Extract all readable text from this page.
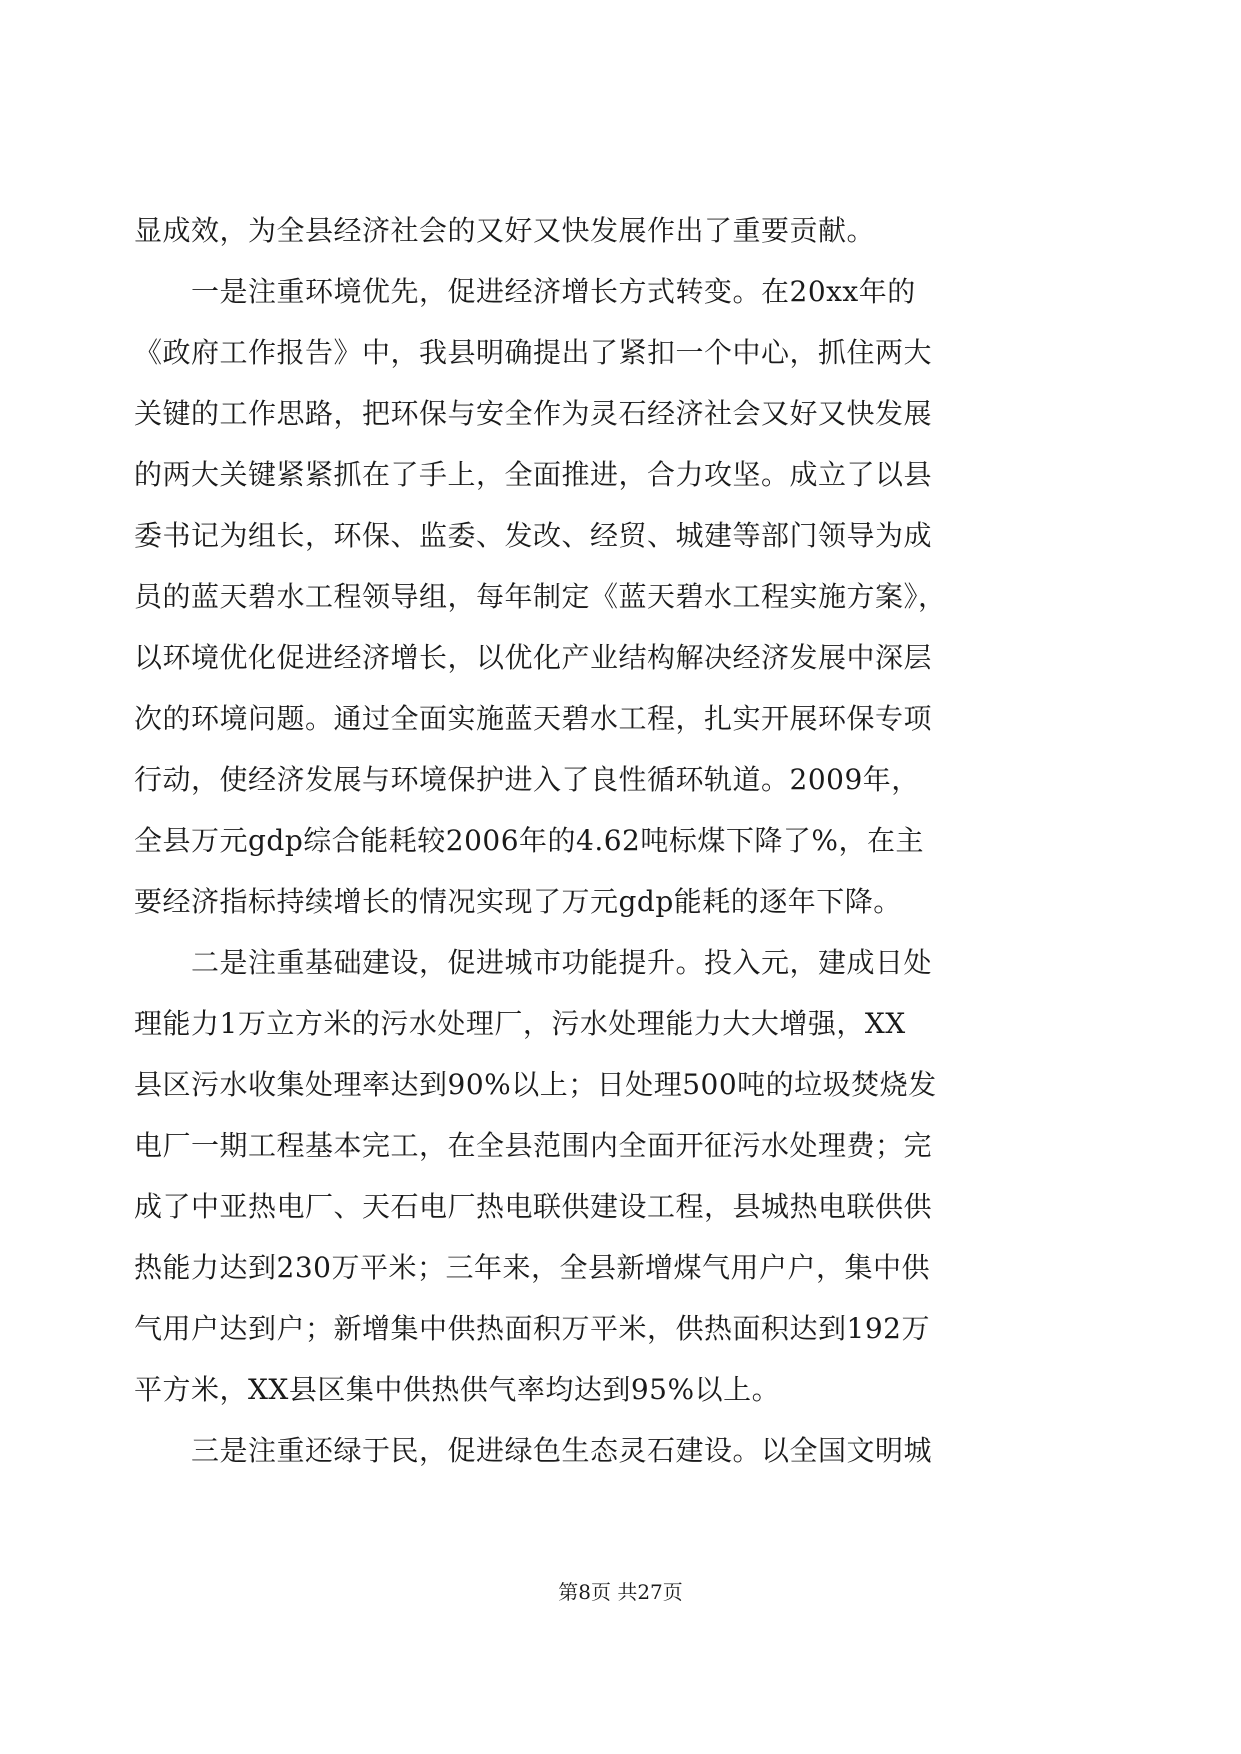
显成效，为全县经济社会的又好又快发展作出了重要贡献。
　　一是注重环境优先，促进经济增长方式转变。在20xx年的
《政府工作报告》中，我县明确提出了紧扣一个中心，抓住两大
关键的工作思路，把环保与安全作为灵石经济社会又好又快发展
的两大关键紧紧抓在了手上，全面推进，合力攻坚。成立了以县
委书记为组长，环保、监委、发改、经贸、城建等部门领导为成
员的蓝天碧水工程领导组，每年制定《蓝天碧水工程实施方案》，
以环境优化促进经济增长，以优化产业结构解决经济发展中深层
次的环境问题。通过全面实施蓝天碧水工程，扎实开展环保专项
行动，使经济发展与环境保护进入了良性循环轨道。2009年，
全县万元gdp综合能耗较2006年的4.62吨标煤下降了%，在主
要经济指标持续增长的情况实现了万元gdp能耗的逐年下降。
　　二是注重基础建设，促进城市功能提升。投入元，建成日处
理能力1万立方米的污水处理厂，污水处理能力大大增强，XX
县区污水收集处理率达到90%以上；日处理500吨的垃圾焚烧发
电厂一期工程基本完工，在全县范围内全面开征污水处理费；完
成了中亚热电厂、天石电厂热电联供建设工程，县城热电联供供
热能力达到230万平米；三年来，全县新增煤气用户户，集中供
气用户达到户；新增集中供热面积万平米，供热面积达到192万
平方米，XX县区集中供热供气率均达到95%以上。
　　三是注重还绿于民，促进绿色生态灵石建设。以全国文明城
第8页 共27页
